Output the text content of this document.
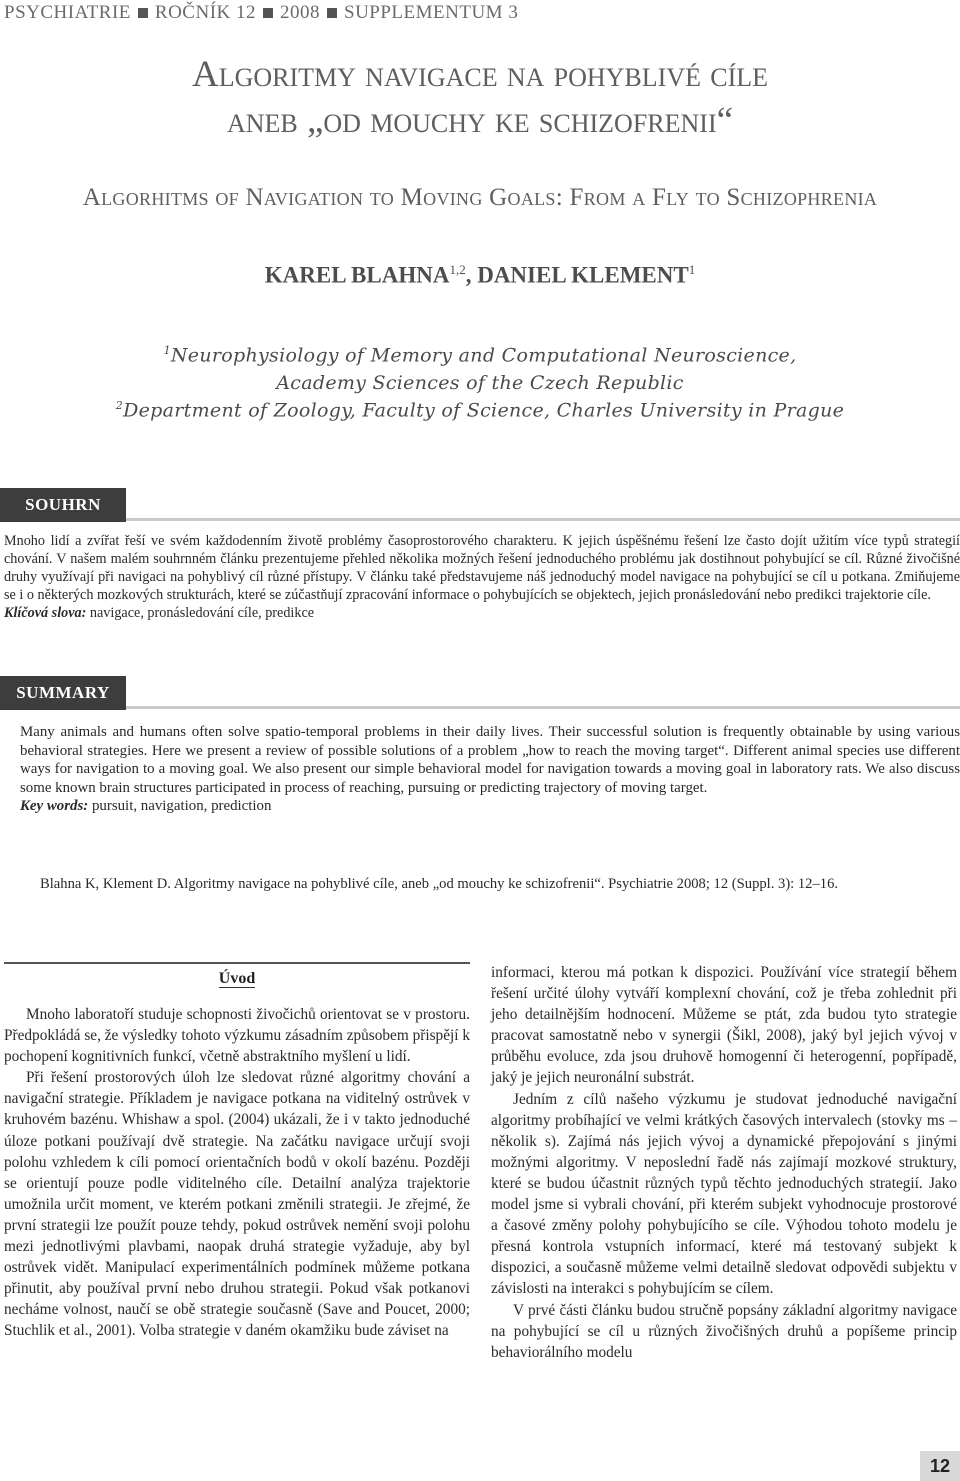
PSYCHIATRIE ROČNÍK 12 2008 SUPPLEMENTUM 3
Algoritmy navigace na pohyblivé cíle
aneb „od mouchy ke schizofrenii“
Algorhitms of Navigation to Moving Goals: From a Fly to Schizophrenia
KAREL BLAHNA$^{1,2}$, DANIEL KLEMENT$^1$
$^1$Neurophysiology of Memory and Computational Neuroscience,
Academy Sciences of the Czech Republic
$^2$Department of Zoology, Faculty of Science, Charles University in Prague
SOUHRN
Mnoho lidí a zvířat řeší ve svém každodenním životě problémy časoprostorového charakteru. K jejich úspěšnému řešení lze často dojít užitím více typů strategií chování. V našem malém souhrnném článku prezentujeme přehled několika možných řešení jednoduchého problému jak dostihnout pohybující se cíl. Různé živočišné druhy využívají při navigaci na pohyblivý cíl různé přístupy. V článku také představujeme náš jednoduchý model navigace na pohybující se cíl u potkana. Zmiňujeme se i o některých mozkových strukturách, které se zúčastňují zpracování informace o pohybujících se objektech, jejich pronásledování nebo predikci trajektorie cíle.
Klíčová slova: navigace, pronásledování cíle, predikce
SUMMARY
Many animals and humans often solve spatio-temporal problems in their daily lives. Their successful solution is frequently obtainable by using various behavioral strategies. Here we present a review of possible solutions of a problem „how to reach the moving target“. Different animal species use different ways for navigation to a moving goal. We also present our simple behavioral model for navigation towards a moving goal in laboratory rats. We also discuss some known brain structures participated in process of reaching, pursuing or predicting trajectory of moving target.
Key words: pursuit, navigation, prediction
Blahna K, Klement D. Algoritmy navigace na pohyblivé cíle, aneb „od mouchy ke schizofrenii“. Psychiatrie 2008; 12 (Suppl. 3): 12–16.
Úvod

Mnoho laboratoří studuje schopnosti živočichů orientovat se v prostoru. Předpokládá se, že výsledky tohoto výzkumu zásadním způsobem přispějí k pochopení kognitivních funkcí, včetně abstraktního myšlení u lidí.

Při řešení prostorových úloh lze sledovat různé algoritmy chování a navigační strategie. Příkladem je navigace potkana na viditelný ostrůvek v kruhovém bazénu. Whishaw a spol. (2004) ukázali, že i v takto jednoduché úloze potkani používají dvě strategie. Na začátku navigace určují svoji polohu vzhledem k cíli pomocí orientačních bodů v okolí bazénu. Později se orientují pouze podle viditelného cíle. Detailní analýza trajektorie umožnila určit moment, ve kterém potkani změnili strategii. Je zřejmé, že první strategii lze použít pouze tehdy, pokud ostrůvek nemění svoji polohu mezi jednotlivými plavbami, naopak druhá strategie vyžaduje, aby byl ostrůvek vidět. Manipulací experimentálních podmínek můžeme potkana přinutit, aby používal první nebo druhou strategii. Pokud však potkanovi necháme volnost, naučí se obě strategie současně (Save and Poucet, 2000; Stuchlik et al., 2001). Volba strategie v daném okamžiku bude záviset na

informaci, kterou má potkan k dispozici. Používání více strategií během řešení určité úlohy vytváří komplexní chování, což je třeba zohlednit při jeho detailnějším hodnocení. Můžeme se ptát, zda budou tyto strategie pracovat samostatně nebo v synergii (Šikl, 2008), jaký byl jejich vývoj v průběhu evoluce, zda jsou druhově homogenní či heterogenní, popřípadě, jaký je jejich neuronální substrát.

Jedním z cílů našeho výzkumu je studovat jednoduché navigační algoritmy probíhající ve velmi krátkých časových intervalech (stovky ms – několik s). Zajímá nás jejich vývoj a dynamické přepojování s jinými možnými algoritmy. V neposlední řadě nás zajímají mozkové struktury, které se budou účastnit různých typů těchto jednoduchých strategií. Jako model jsme si vybrali chování, při kterém subjekt vyhodnocuje prostorové a časové změny polohy pohybujícího se cíle. Výhodou tohoto modelu je přesná kontrola vstupních informací, které má testovaný subjekt k dispozici, a současně můžeme velmi detailně sledovat odpovědi subjektu v závislosti na interakci s pohybujícím se cílem.

V prvé části článku budou stručně popsány základní algoritmy navigace na pohybující se cíl u různých živočišných druhů a popíšeme princip behaviorálního modelu

12
